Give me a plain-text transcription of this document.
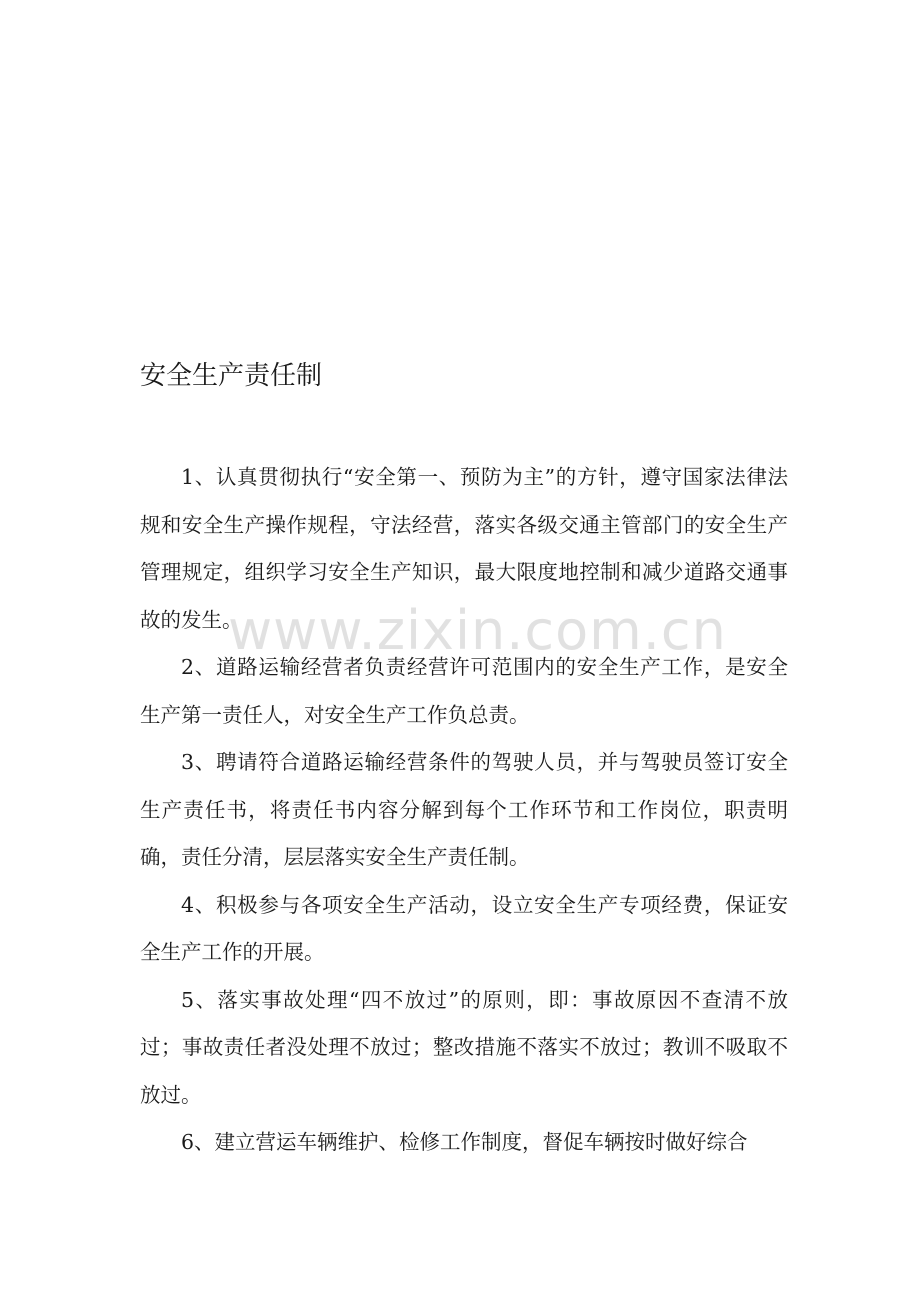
安全生产责任制

1、认真贯彻执行“安全第一、预防为主”的方针，遵守国家法律法规和安全生产操作规程，守法经营，落实各级交通主管部门的安全生产管理规定，组织学习安全生产知识，最大限度地控制和减少道路交通事故的发生。

2、道路运输经营者负责经营许可范围内的安全生产工作，是安全生产第一责任人，对安全生产工作负总责。

3、聘请符合道路运输经营条件的驾驶人员，并与驾驶员签订安全生产责任书，将责任书内容分解到每个工作环节和工作岗位，职责明确，责任分清，层层落实安全生产责任制。

4、积极参与各项安全生产活动，设立安全生产专项经费，保证安全生产工作的开展。

5、落实事故处理“四不放过”的原则，即：事故原因不查清不放过；事故责任者没处理不放过；整改措施不落实不放过；教训不吸取不放过。

6、建立营运车辆维护、检修工作制度，督促车辆按时做好综合

www.zixin.com.cn
